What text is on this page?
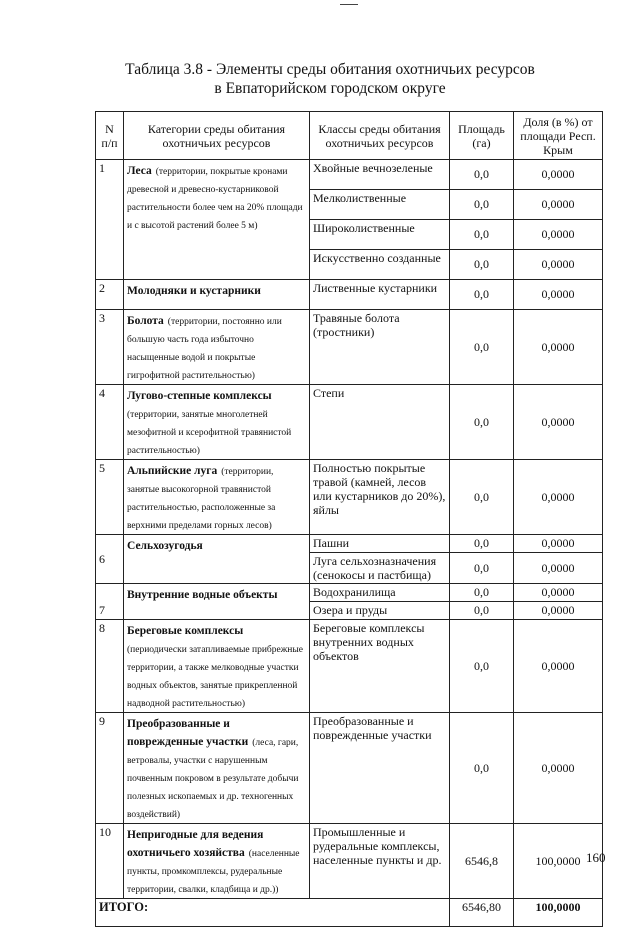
Таблица 3.8 - Элементы среды обитания охотничьих ресурсов
в Евпаторийском городском округе
N п/п	Категории среды обитания охотничьих ресурсов	Классы среды обитания охотничьих ресурсов	Площадь (га)	Доля (в %) от площади Респ. Крым
1	Леса (территории, покрытые кронами древесной и древесно-кустарниковой растительности более чем на 20% площади и с высотой растений более 5 м)	Хвойные вечнозеленые	0,0	0,0000
		Мелколиственные	0,0	0,0000
		Широколиственные	0,0	0,0000
		Искусственно созданные	0,0	0,0000
2	Молодняки и кустарники	Лиственные кустарники	0,0	0,0000
3	Болота (территории, постоянно или большую часть года избыточно насыщенные водой и покрытые гигрофитной растительностью)	Травяные болота (тростники)	0,0	0,0000
4	Лугово-степные комплексы (территории, занятые многолетней мезофитной и ксерофитной травянистой растительностью)	Степи	0,0	0,0000
5	Альпийские луга (территории, занятые высокогорной травянистой растительностью, расположенные за верхними пределами горных лесов)	Полностью покрытые травой (камней, лесов или кустарников до 20%), яйлы	0,0	0,0000
6	Сельхозугодья	Пашни	0,0	0,0000
		Луга сельхозназначения (сенокосы и пастбища)	0,0	0,0000
7	Внутренние водные объекты	Водохранилища	0,0	0,0000
		Озера и пруды	0,0	0,0000
8	Береговые комплексы (периодически затапливаемые прибрежные территории, а также мелководные участки водных объектов, занятые прикрепленной надводной растительностью)	Береговые комплексы внутренних водных объектов	0,0	0,0000
9	Преобразованные и поврежденные участки (леса, гари, ветровалы, участки с нарушенным почвенным покровом в результате добычи полезных ископаемых и др. техногенных воздействий)	Преобразованные и поврежденные участки	0,0	0,0000
10	Непригодные для ведения охотничьего хозяйства (населенные пункты, промкомплексы, рудеральные территории, свалки, кладбища и др.))	Промышленные и рудеральные комплексы, населенные пункты и др.	6546,8	100,0000
ИТОГО:			6546,80	100,0000
160
